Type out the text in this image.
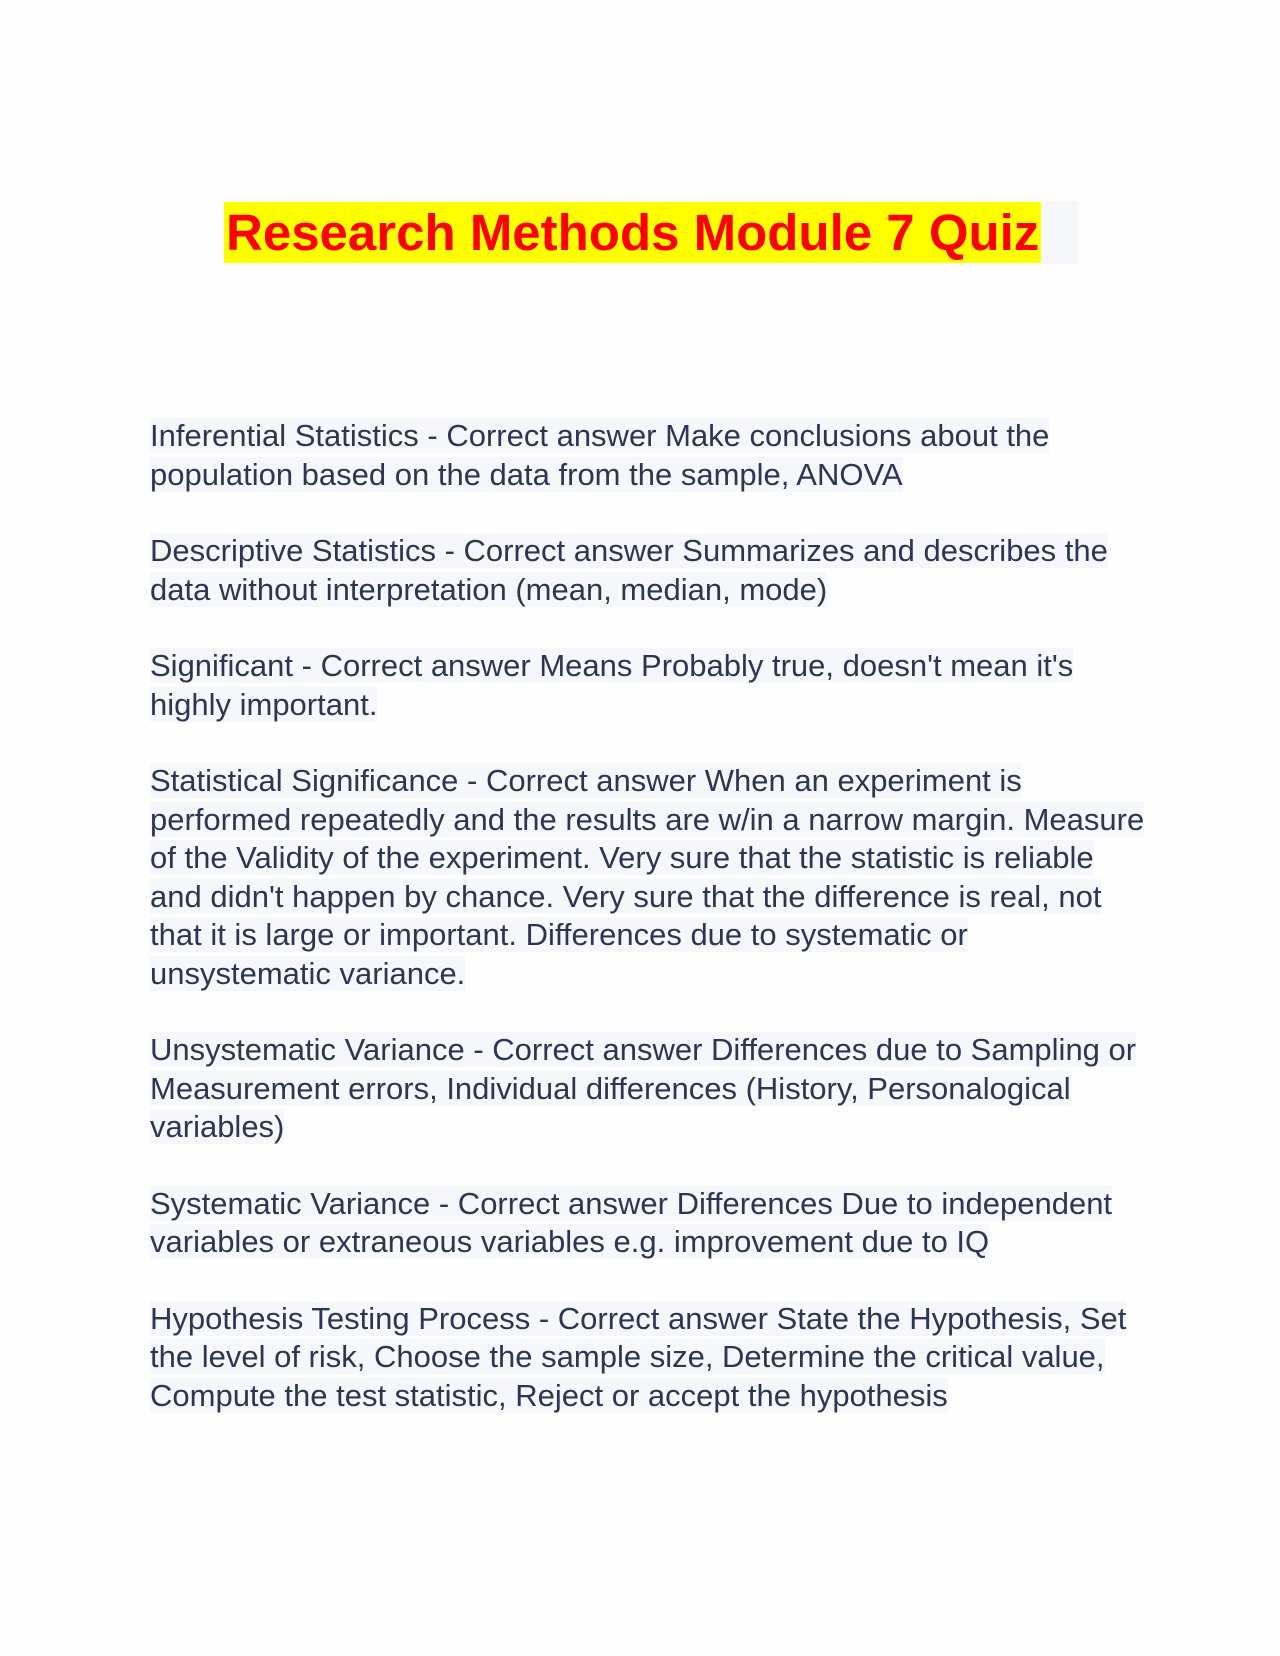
Research Methods Module 7 Quiz

Inferential Statistics - Correct answer Make conclusions about the population based on the data from the sample, ANOVA

Descriptive Statistics - Correct answer Summarizes and describes the data without interpretation (mean, median, mode)

Significant - Correct answer Means Probably true, doesn't mean it's highly important.

Statistical Significance - Correct answer When an experiment is performed repeatedly and the results are w/in a narrow margin. Measure of the Validity of the experiment. Very sure that the statistic is reliable and didn't happen by chance. Very sure that the difference is real, not that it is large or important. Differences due to systematic or unsystematic variance.

Unsystematic Variance - Correct answer Differences due to Sampling or Measurement errors, Individual differences (History, Personalogical variables)

Systematic Variance - Correct answer Differences Due to independent variables or extraneous variables e.g. improvement due to IQ

Hypothesis Testing Process - Correct answer State the Hypothesis, Set the level of risk, Choose the sample size, Determine the critical value, Compute the test statistic, Reject or accept the hypothesis
